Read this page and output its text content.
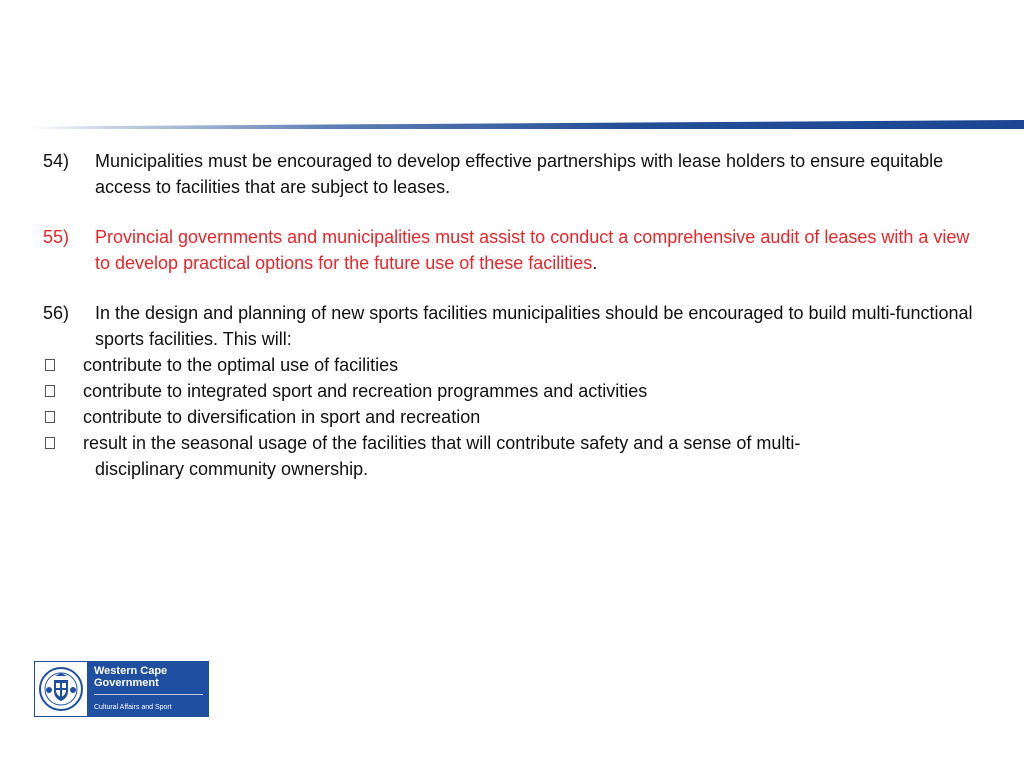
54)	Municipalities must be encouraged to develop effective partnerships with lease holders to ensure equitable access to facilities that are subject to leases.
55)	Provincial governments and municipalities must assist to conduct a comprehensive audit of leases with a view to develop practical options for the future use of these facilities.
56)	In the design and planning of new sports facilities municipalities should be encouraged to build multi-functional sports facilities. This will:
contribute to the optimal use of facilities
contribute to integrated sport and recreation programmes and activities
contribute to diversification in sport and recreation
result in the seasonal usage of the facilities that will contribute safety and a sense of multi-
disciplinary community ownership.
Western Cape
Government
Cultural Affairs and Sport
